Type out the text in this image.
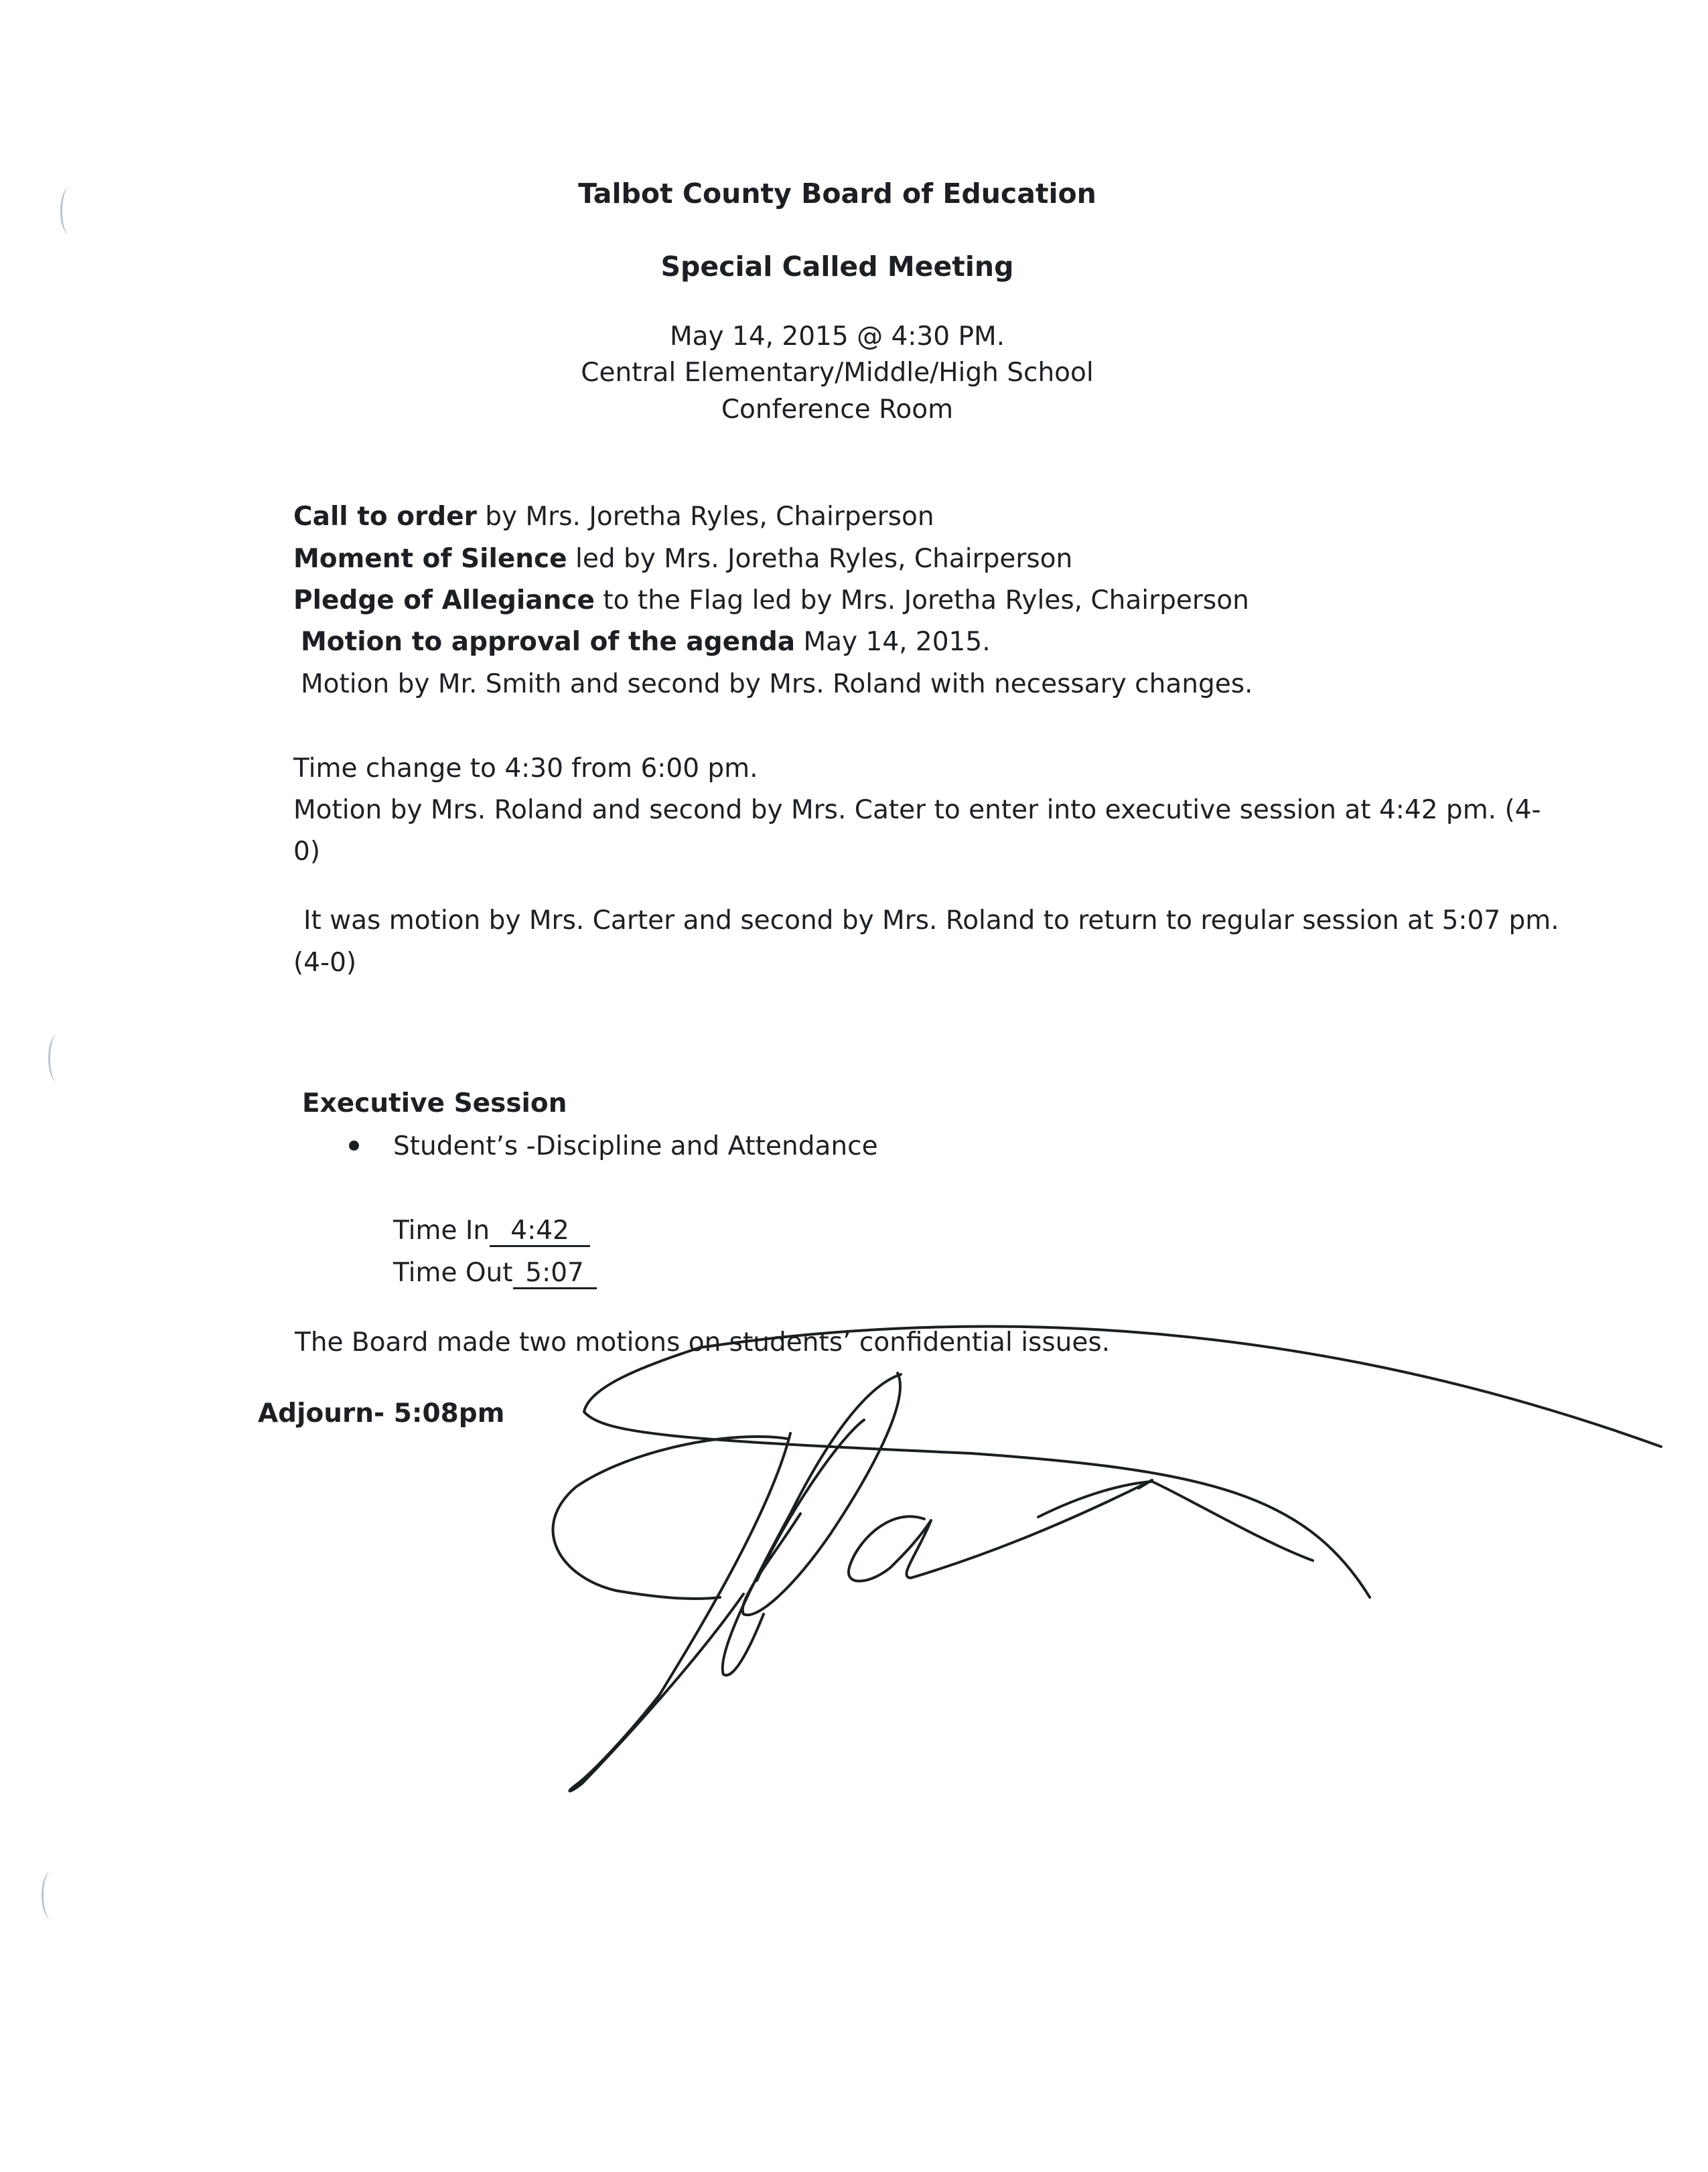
Talbot County Board of Education
Special Called Meeting
May 14, 2015 @ 4:30 PM.
Central Elementary/Middle/High School
Conference Room
Call to order by Mrs. Joretha Ryles, Chairperson
Moment of Silence led by Mrs. Joretha Ryles, Chairperson
Pledge of Allegiance to the Flag led by Mrs. Joretha Ryles, Chairperson
Motion to approval of the agenda May 14, 2015.
Motion by Mr. Smith and second by Mrs. Roland with necessary changes.
Time change to 4:30 from 6:00 pm.
Motion by Mrs. Roland and second by Mrs. Cater to enter into executive session at 4:42 pm. (4-
0)
It was motion by Mrs. Carter and second by Mrs. Roland to return to regular session at 5:07 pm.
(4-0)
Executive Session
Student’s -Discipline and Attendance
Time In 4:42
Time Out 5:07
The Board made two motions on students’ confidential issues.
Adjourn- 5:08pm
